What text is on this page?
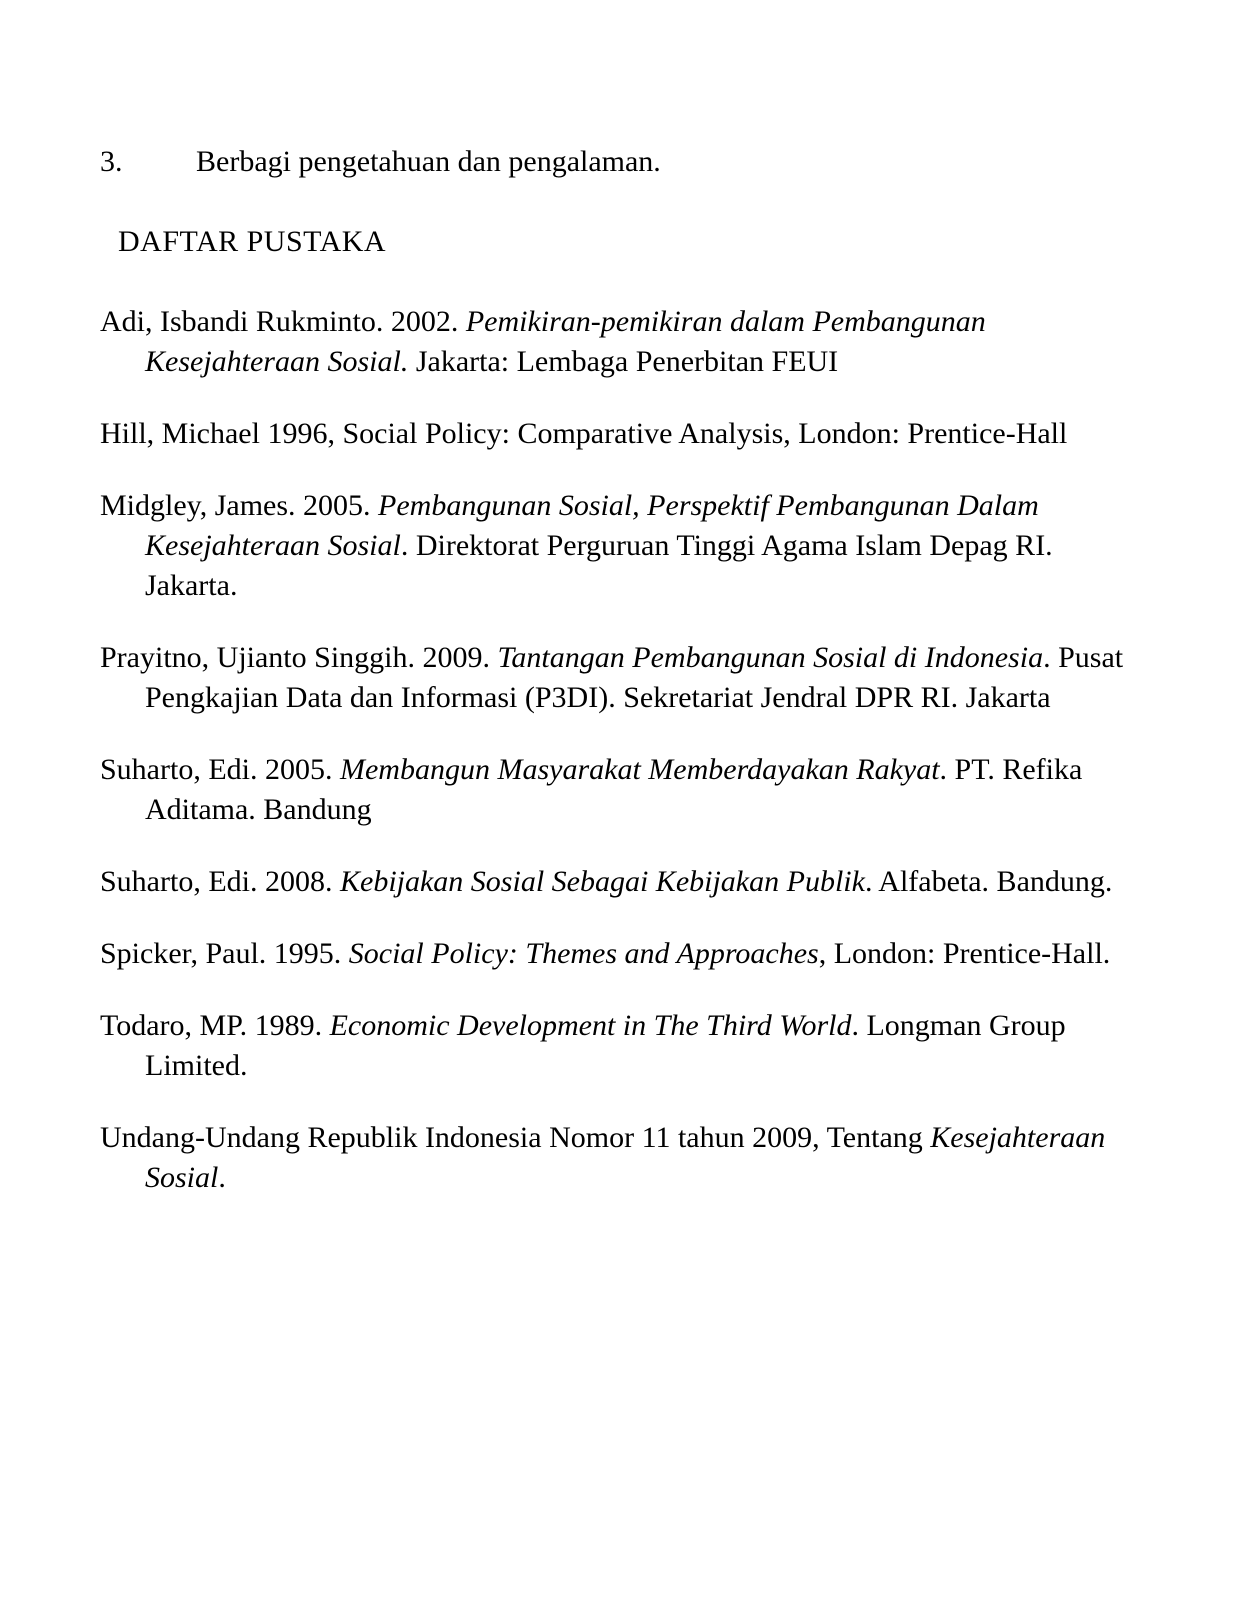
3. Berbagi pengetahuan dan pengalaman.

DAFTAR PUSTAKA

Adi, Isbandi Rukminto. 2002. Pemikiran-pemikiran dalam Pembangunan Kesejahteraan Sosial. Jakarta: Lembaga Penerbitan FEUI

Hill, Michael 1996, Social Policy: Comparative Analysis, London: Prentice-Hall

Midgley, James. 2005. Pembangunan Sosial, Perspektif Pembangunan Dalam Kesejahteraan Sosial. Direktorat Perguruan Tinggi Agama Islam Depag RI. Jakarta.

Prayitno, Ujianto Singgih. 2009. Tantangan Pembangunan Sosial di Indonesia. Pusat Pengkajian Data dan Informasi (P3DI). Sekretariat Jendral DPR RI. Jakarta

Suharto, Edi. 2005. Membangun Masyarakat Memberdayakan Rakyat. PT. Refika Aditama. Bandung

Suharto, Edi. 2008. Kebijakan Sosial Sebagai Kebijakan Publik. Alfabeta. Bandung.

Spicker, Paul. 1995. Social Policy: Themes and Approaches, London: Prentice-Hall.

Todaro, MP. 1989. Economic Development in The Third World. Longman Group Limited.

Undang-Undang Republik Indonesia Nomor 11 tahun 2009, Tentang Kesejahteraan Sosial.
